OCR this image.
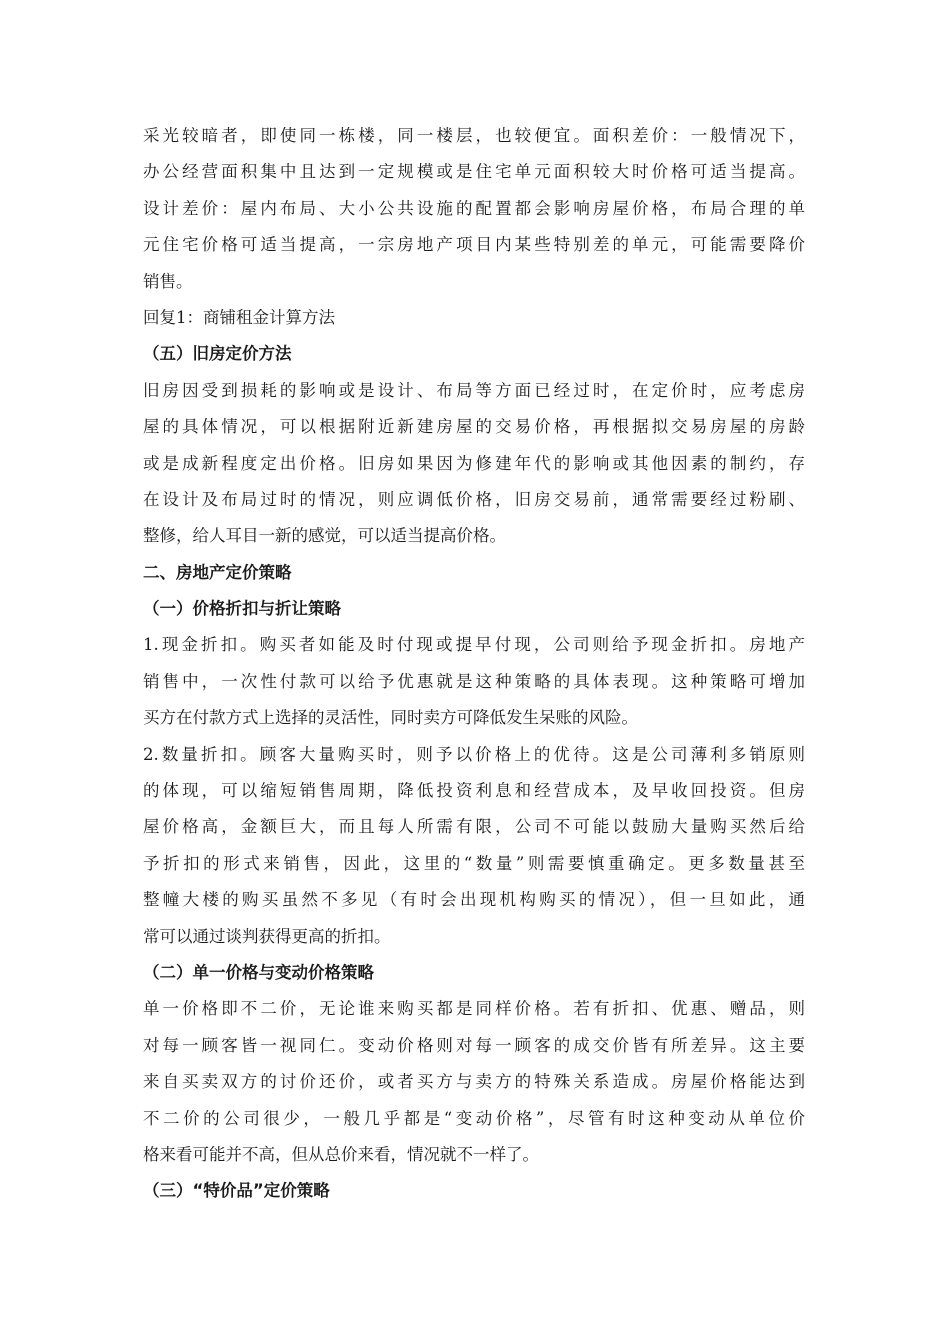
采光较暗者，即使同一栋楼，同一楼层，也较便宜。面积差价：一般情况下，
办公经营面积集中且达到一定规模或是住宅单元面积较大时价格可适当提高。
设计差价：屋内布局、大小公共设施的配置都会影响房屋价格，布局合理的单
元住宅价格可适当提高，一宗房地产项目内某些特别差的单元，可能需要降价
销售。
回复1：商铺租金计算方法
（五）旧房定价方法
旧房因受到损耗的影响或是设计、布局等方面已经过时，在定价时，应考虑房
屋的具体情况，可以根据附近新建房屋的交易价格，再根据拟交易房屋的房龄
或是成新程度定出价格。旧房如果因为修建年代的影响或其他因素的制约，存
在设计及布局过时的情况，则应调低价格，旧房交易前，通常需要经过粉刷、
整修，给人耳目一新的感觉，可以适当提高价格。
二、房地产定价策略
（一）价格折扣与折让策略
1.现金折扣。购买者如能及时付现或提早付现，公司则给予现金折扣。房地产
销售中，一次性付款可以给予优惠就是这种策略的具体表现。这种策略可增加
买方在付款方式上选择的灵活性，同时卖方可降低发生呆账的风险。
2.数量折扣。顾客大量购买时，则予以价格上的优待。这是公司薄利多销原则
的体现，可以缩短销售周期，降低投资利息和经营成本，及早收回投资。但房
屋价格高，金额巨大，而且每人所需有限，公司不可能以鼓励大量购买然后给
予折扣的形式来销售，因此，这里的“数量”则需要慎重确定。更多数量甚至
整幢大楼的购买虽然不多见（有时会出现机构购买的情况），但一旦如此，通
常可以通过谈判获得更高的折扣。
（二）单一价格与变动价格策略
单一价格即不二价，无论谁来购买都是同样价格。若有折扣、优惠、赠品，则
对每一顾客皆一视同仁。变动价格则对每一顾客的成交价皆有所差异。这主要
来自买卖双方的讨价还价，或者买方与卖方的特殊关系造成。房屋价格能达到
不二价的公司很少，一般几乎都是“变动价格”，尽管有时这种变动从单位价
格来看可能并不高，但从总价来看，情况就不一样了。
（三）“特价品”定价策略
